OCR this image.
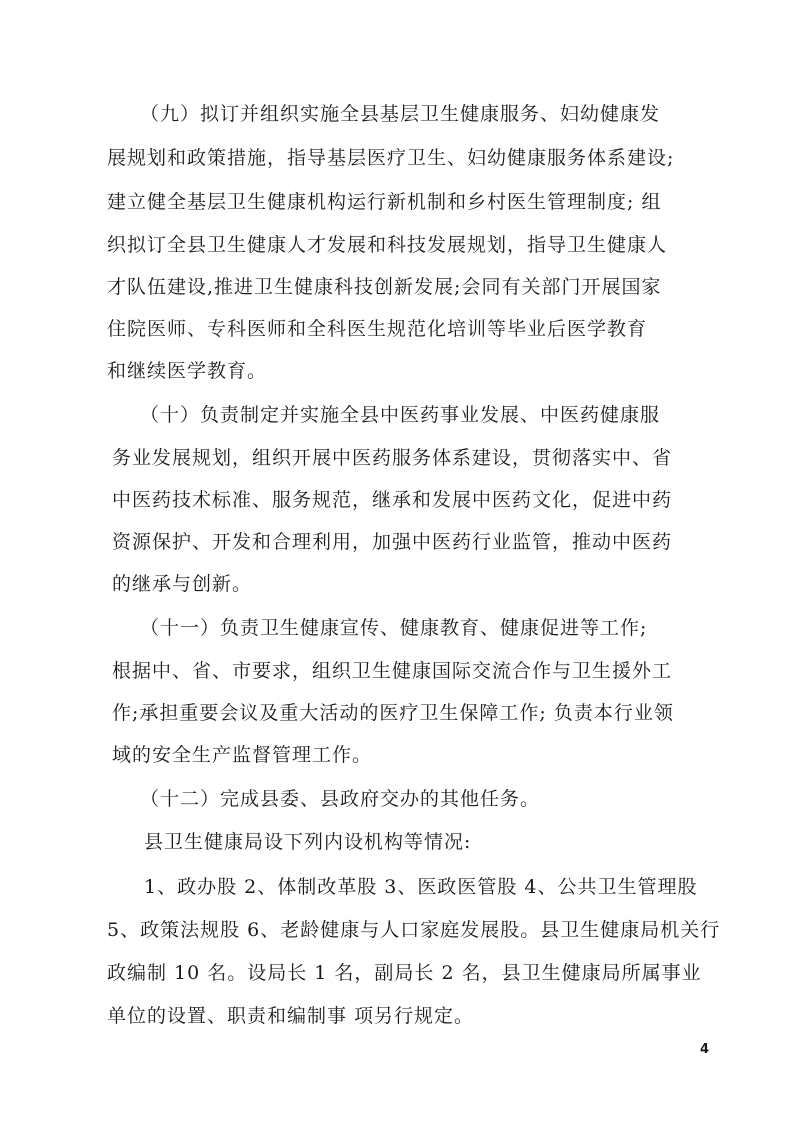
（九）拟订并组织实施全县基层卫生健康服务、妇幼健康发
展规划和政策措施，指导基层医疗卫生、妇幼健康服务体系建设;
建立健全基层卫生健康机构运行新机制和乡村医生管理制度; 组
织拟订全县卫生健康人才发展和科技发展规划，指导卫生健康人
才队伍建设,推进卫生健康科技创新发展;会同有关部门开展国家
住院医师、专科医师和全科医生规范化培训等毕业后医学教育
和继续医学教育。
（十）负责制定并实施全县中医药事业发展、中医药健康服
务业发展规划，组织开展中医药服务体系建设，贯彻落实中、省
中医药技术标准、服务规范，继承和发展中医药文化，促进中药
资源保护、开发和合理利用，加强中医药行业监管，推动中医药
的继承与创新。
（十一）负责卫生健康宣传、健康教育、健康促进等工作;
根据中、省、市要求，组织卫生健康国际交流合作与卫生援外工
作;承担重要会议及重大活动的医疗卫生保障工作; 负责本行业领
域的安全生产监督管理工作。
（十二）完成县委、县政府交办的其他任务。
县卫生健康局设下列内设机构等情况:
1、政办股 2、体制改革股 3、医政医管股 4、公共卫生管理股
5、政策法规股 6、老龄健康与人口家庭发展股。县卫生健康局机关行
政编制 10 名。设局长 1 名，副局长 2 名，县卫生健康局所属事业
单位的设置、职责和编制事 项另行规定。
4
